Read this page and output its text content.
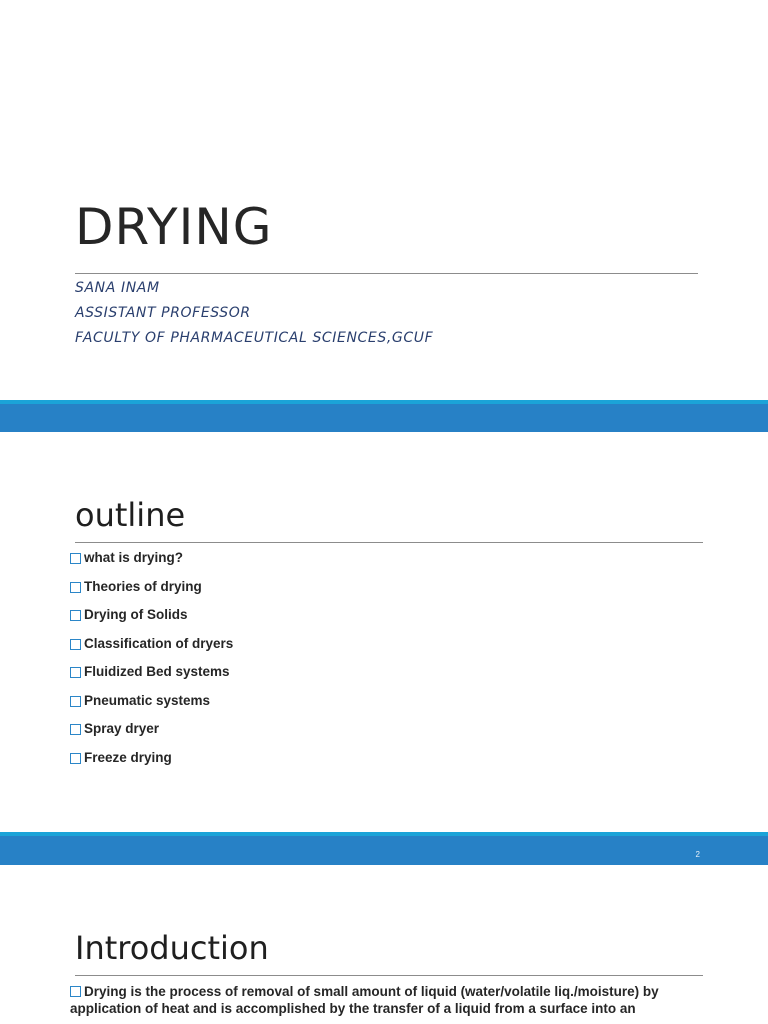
DRYING

SANA INAM

ASSISTANT PROFESSOR

FACULTY OF PHARMACEUTICAL SCIENCES,GCUF

outline
what is drying?
Theories of drying
Drying of Solids
Classification of dryers
Fluidized Bed systems
Pneumatic systems
Spray dryer
Freeze drying
2
Introduction

Drying is the process of removal of small amount of liquid (water/volatile liq./moisture) by application of heat and is accomplished by the transfer of a liquid from a surface into an
